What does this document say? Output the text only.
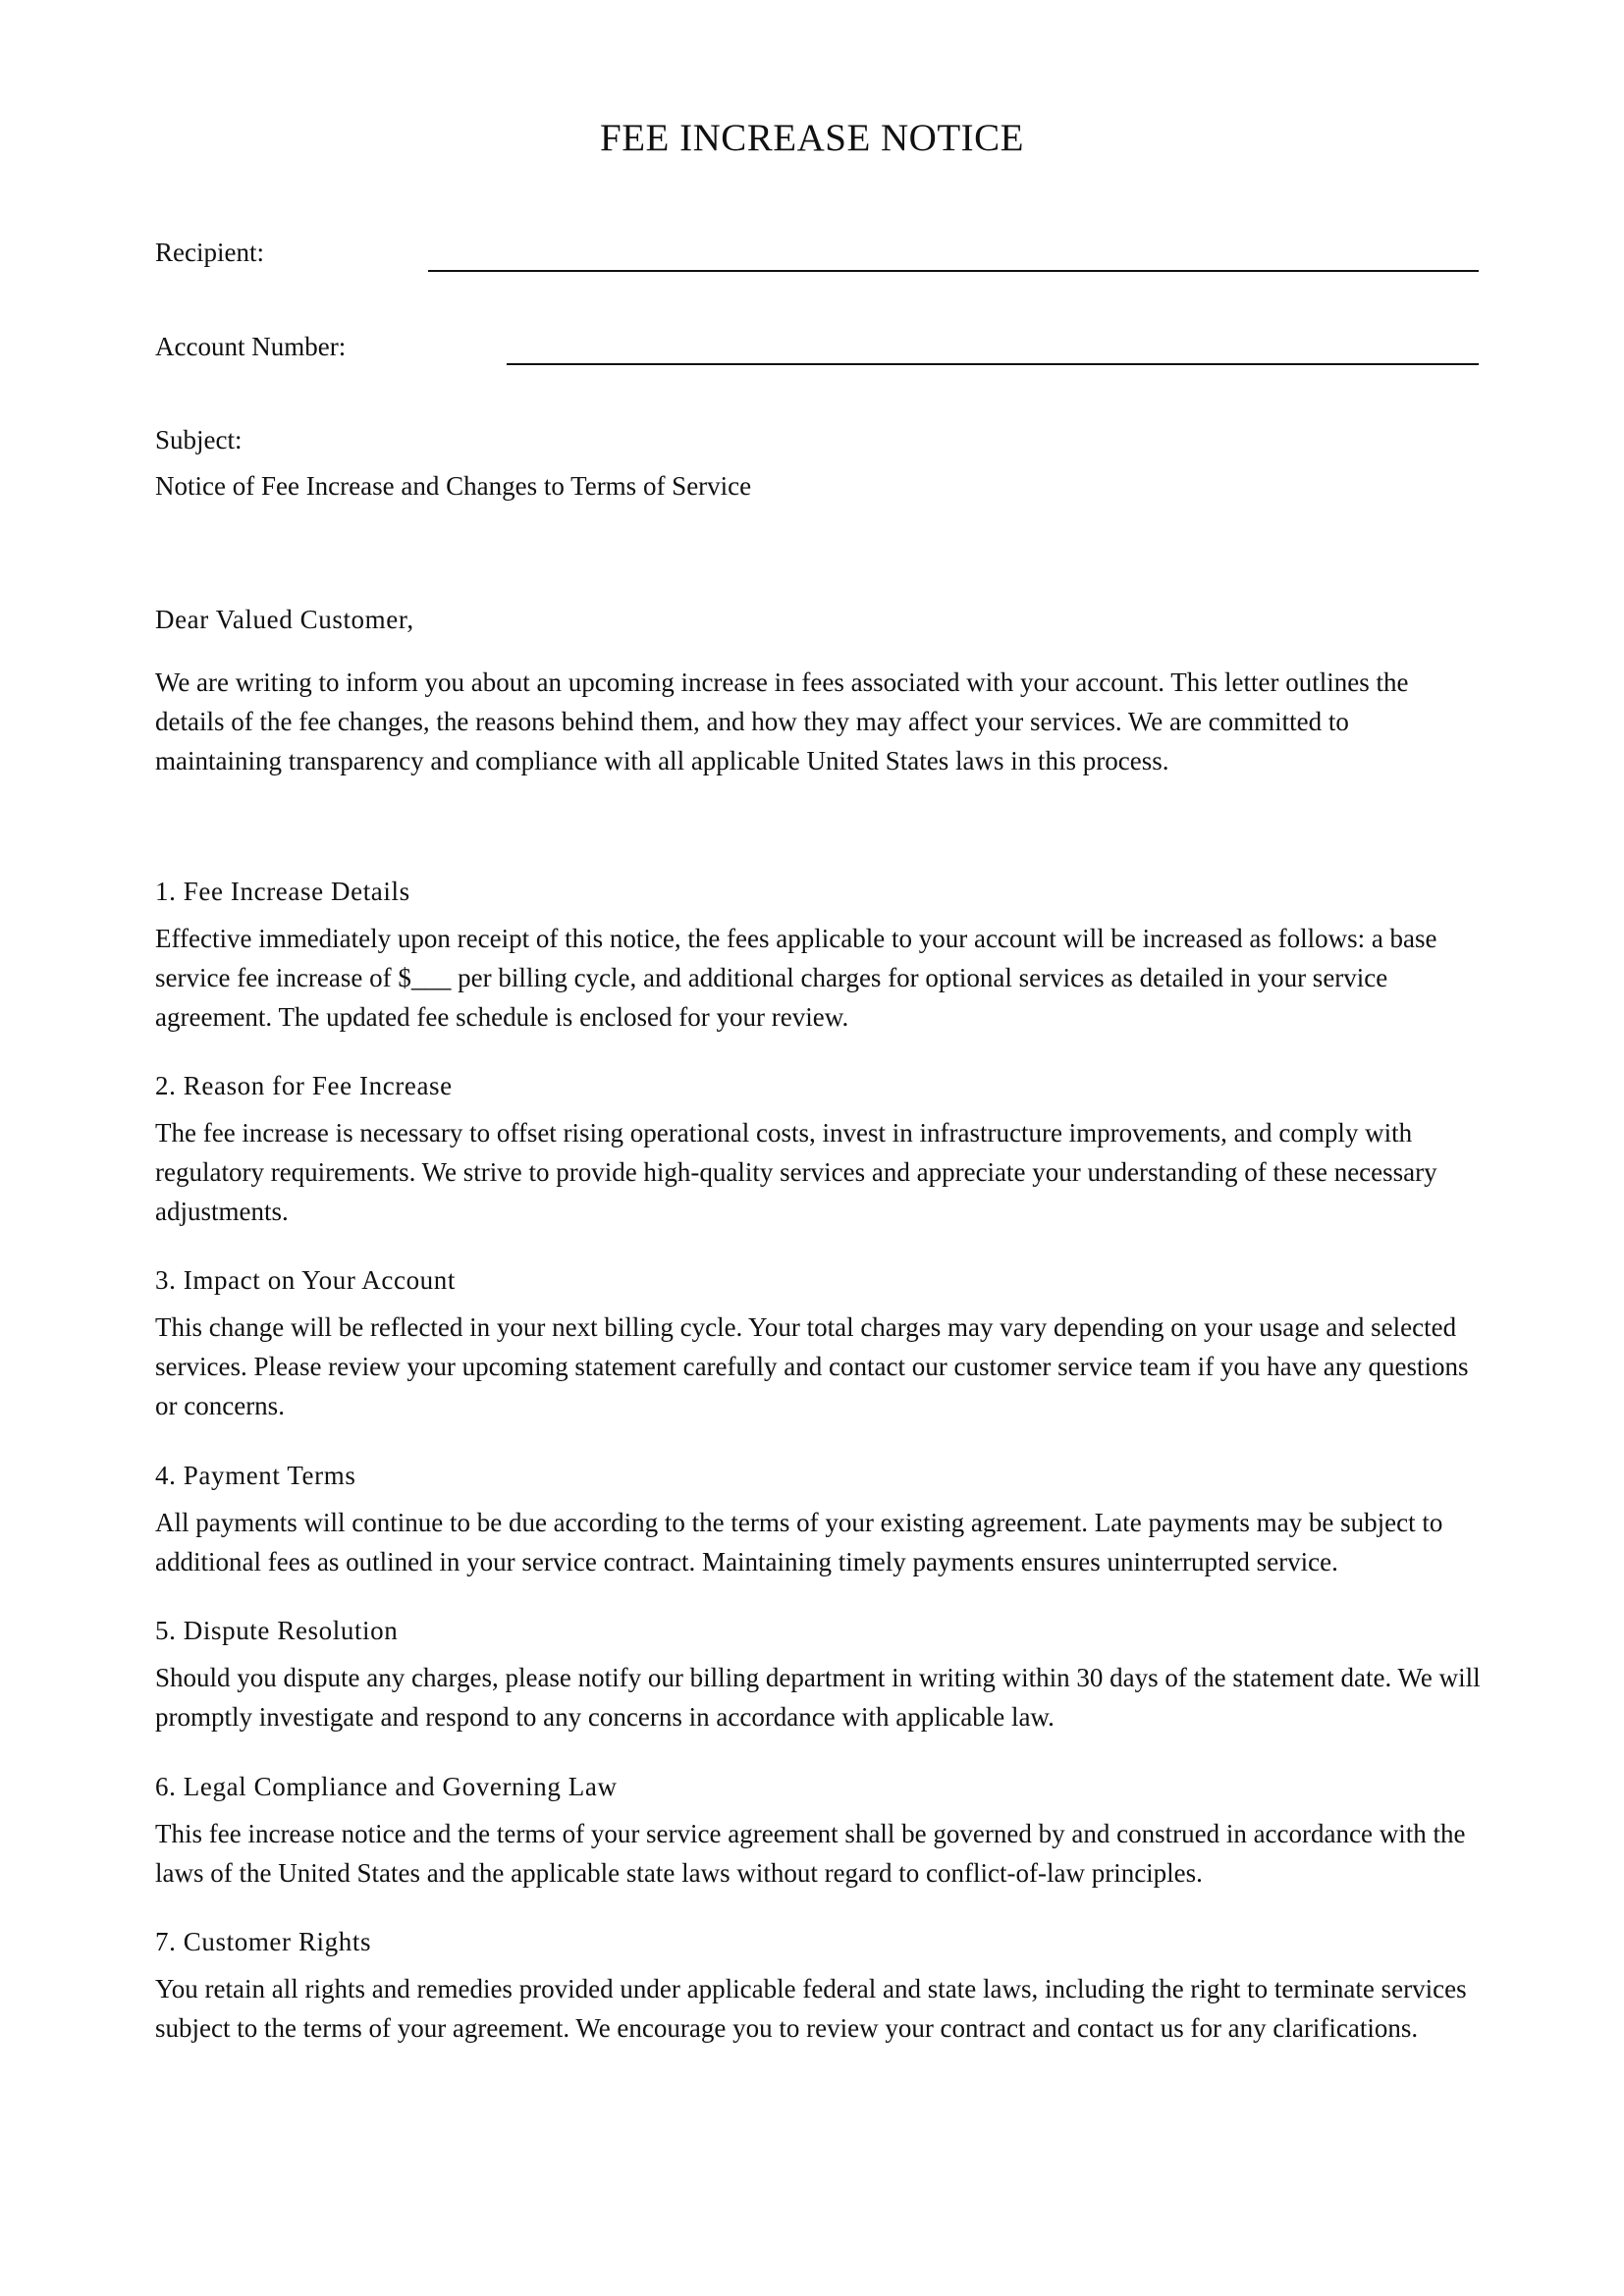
FEE INCREASE NOTICE
Recipient:
Account Number:
Subject:
Notice of Fee Increase and Changes to Terms of Service
Dear Valued Customer,
We are writing to inform you about an upcoming increase in fees associated with your account. This letter outlines the details of the fee changes, the reasons behind them, and how they may affect your services. We are committed to maintaining transparency and compliance with all applicable United States laws in this process.
1. Fee Increase Details
Effective immediately upon receipt of this notice, the fees applicable to your account will be increased as follows: a base service fee increase of $___ per billing cycle, and additional charges for optional services as detailed in your service agreement. The updated fee schedule is enclosed for your review.
2. Reason for Fee Increase
The fee increase is necessary to offset rising operational costs, invest in infrastructure improvements, and comply with regulatory requirements. We strive to provide high-quality services and appreciate your understanding of these necessary adjustments.
3. Impact on Your Account
This change will be reflected in your next billing cycle. Your total charges may vary depending on your usage and selected services. Please review your upcoming statement carefully and contact our customer service team if you have any questions or concerns.
4. Payment Terms
All payments will continue to be due according to the terms of your existing agreement. Late payments may be subject to additional fees as outlined in your service contract. Maintaining timely payments ensures uninterrupted service.
5. Dispute Resolution
Should you dispute any charges, please notify our billing department in writing within 30 days of the statement date. We will promptly investigate and respond to any concerns in accordance with applicable law.
6. Legal Compliance and Governing Law
This fee increase notice and the terms of your service agreement shall be governed by and construed in accordance with the laws of the United States and the applicable state laws without regard to conflict-of-law principles.
7. Customer Rights
You retain all rights and remedies provided under applicable federal and state laws, including the right to terminate services subject to the terms of your agreement. We encourage you to review your contract and contact us for any clarifications.
